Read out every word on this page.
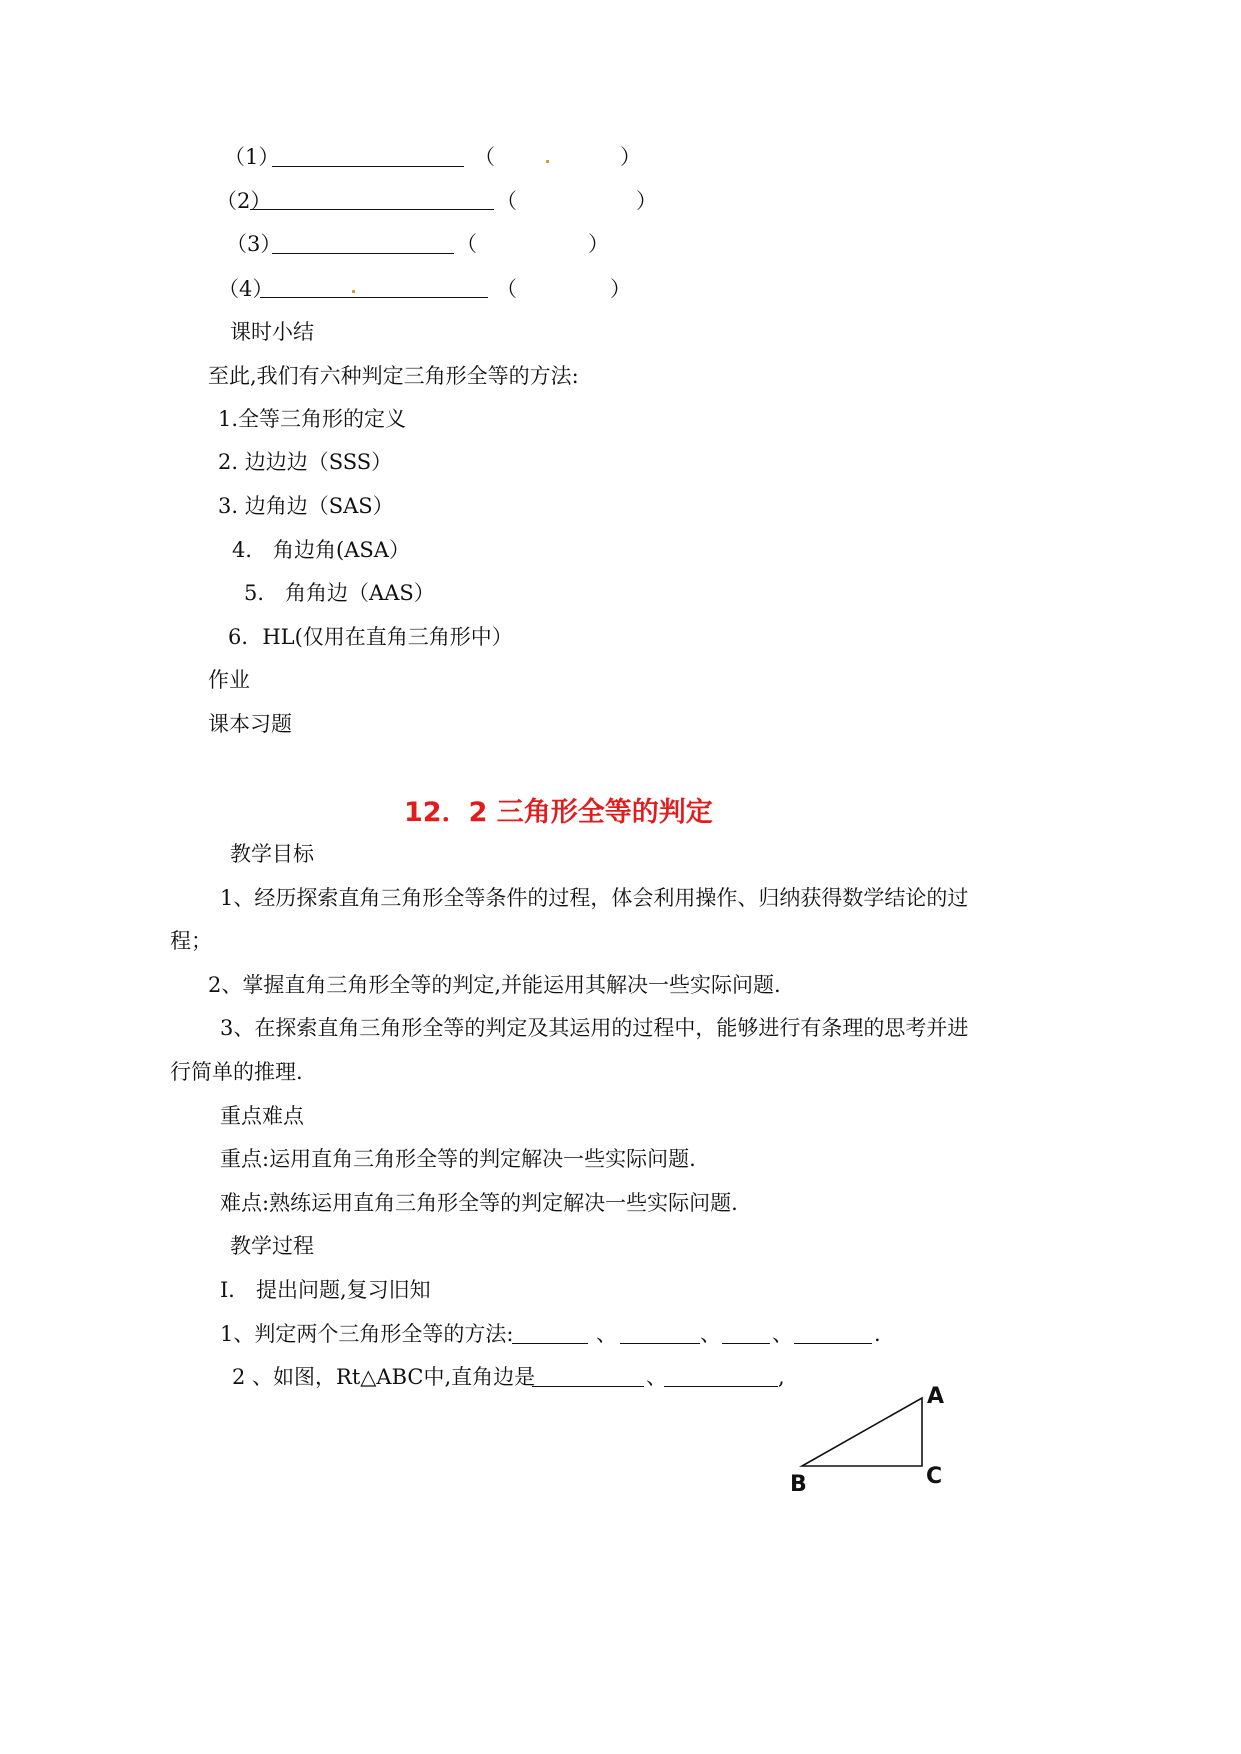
（1）	（	）
（2）	（	）
（3）	（	）
（4）	（	）
课时小结
至此,我们有六种判定三角形全等的方法:
1.全等三角形的定义
2. 边边边（SSS）
3. 边角边（SAS）
4． 角边角(ASA）
5． 角角边（AAS）
6．HL(仅用在直角三角形中）
作业
课本习题
12．2 三角形全等的判定
教学目标
1、经历探索直角三角形全等条件的过程，体会利用操作、归纳获得数学结论的过
程；
2、掌握直角三角形全等的判定,并能运用其解决一些实际问题.
3、在探索直角三角形全等的判定及其运用的过程中，能够进行有条理的思考并进
行简单的推理.
重点难点
重点:运用直角三角形全等的判定解决一些实际问题.
难点:熟练运用直角三角形全等的判定解决一些实际问题.
教学过程
Ⅰ． 提出问题,复习旧知
1、判定两个三角形全等的方法:	、	、 、	.
2 、如图，Rt△ABC中,直角边是	、	,
A
B	C
